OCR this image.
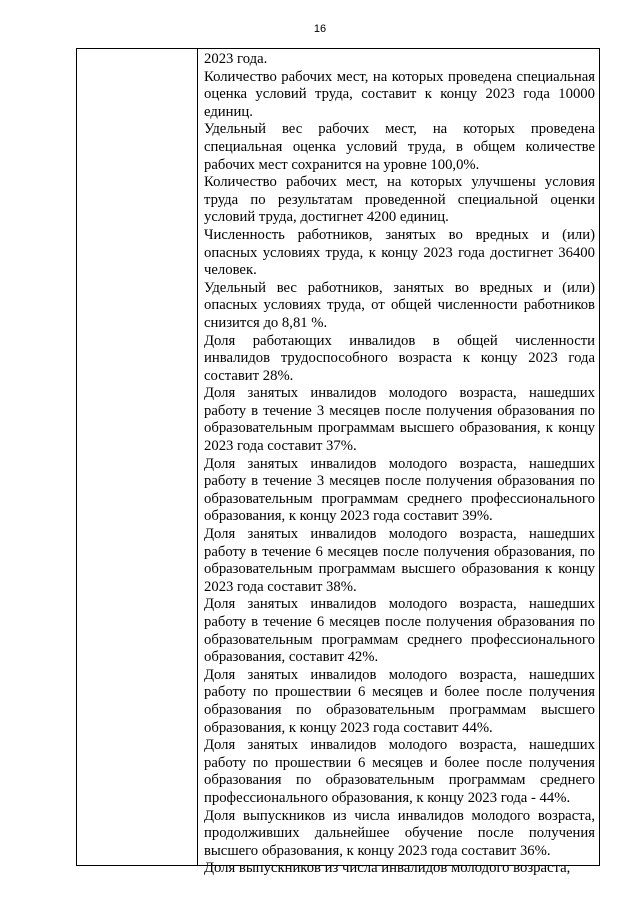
16

2023 года.

Количество рабочих мест, на которых проведена специальная оценка условий труда, составит к концу 2023 года 10000 единиц.

Удельный вес рабочих мест, на которых проведена специальная оценка условий труда, в общем количестве рабочих мест сохранится на уровне 100,0%.

Количество рабочих мест, на которых улучшены условия труда по результатам проведенной специальной оценки условий труда, достигнет 4200 единиц.

Численность работников, занятых во вредных и (или) опасных условиях труда, к концу 2023 года достигнет 36400 человек.

Удельный вес работников, занятых во вредных и (или) опасных условиях труда, от общей численности работников снизится до 8,81 %.

Доля работающих инвалидов в общей численности инвалидов трудоспособного возраста к концу 2023 года составит 28%.

Доля занятых инвалидов молодого возраста, нашедших работу в течение 3 месяцев после получения образования по образовательным программам высшего образования, к концу 2023 года составит 37%.

Доля занятых инвалидов молодого возраста, нашедших работу в течение 3 месяцев после получения образования по образовательным программам среднего профессионального образования, к концу 2023 года составит 39%.

Доля занятых инвалидов молодого возраста, нашедших работу в течение 6 месяцев после получения образования, по образовательным программам высшего образования к концу 2023 года составит 38%.

Доля занятых инвалидов молодого возраста, нашедших работу в течение 6 месяцев после получения образования по образовательным программам среднего профессионального образования, составит 42%.

Доля занятых инвалидов молодого возраста, нашедших работу по прошествии 6 месяцев и более после получения образования по образовательным программам высшего образования, к концу 2023 года составит 44%.

Доля занятых инвалидов молодого возраста, нашедших работу по прошествии 6 месяцев и более после получения образования по образовательным программам среднего профессионального образования, к концу 2023 года - 44%.

Доля выпускников из числа инвалидов молодого возраста, продолживших дальнейшее обучение после получения высшего образования, к концу 2023 года составит 36%.

Доля выпускников из числа инвалидов молодого возраста,
